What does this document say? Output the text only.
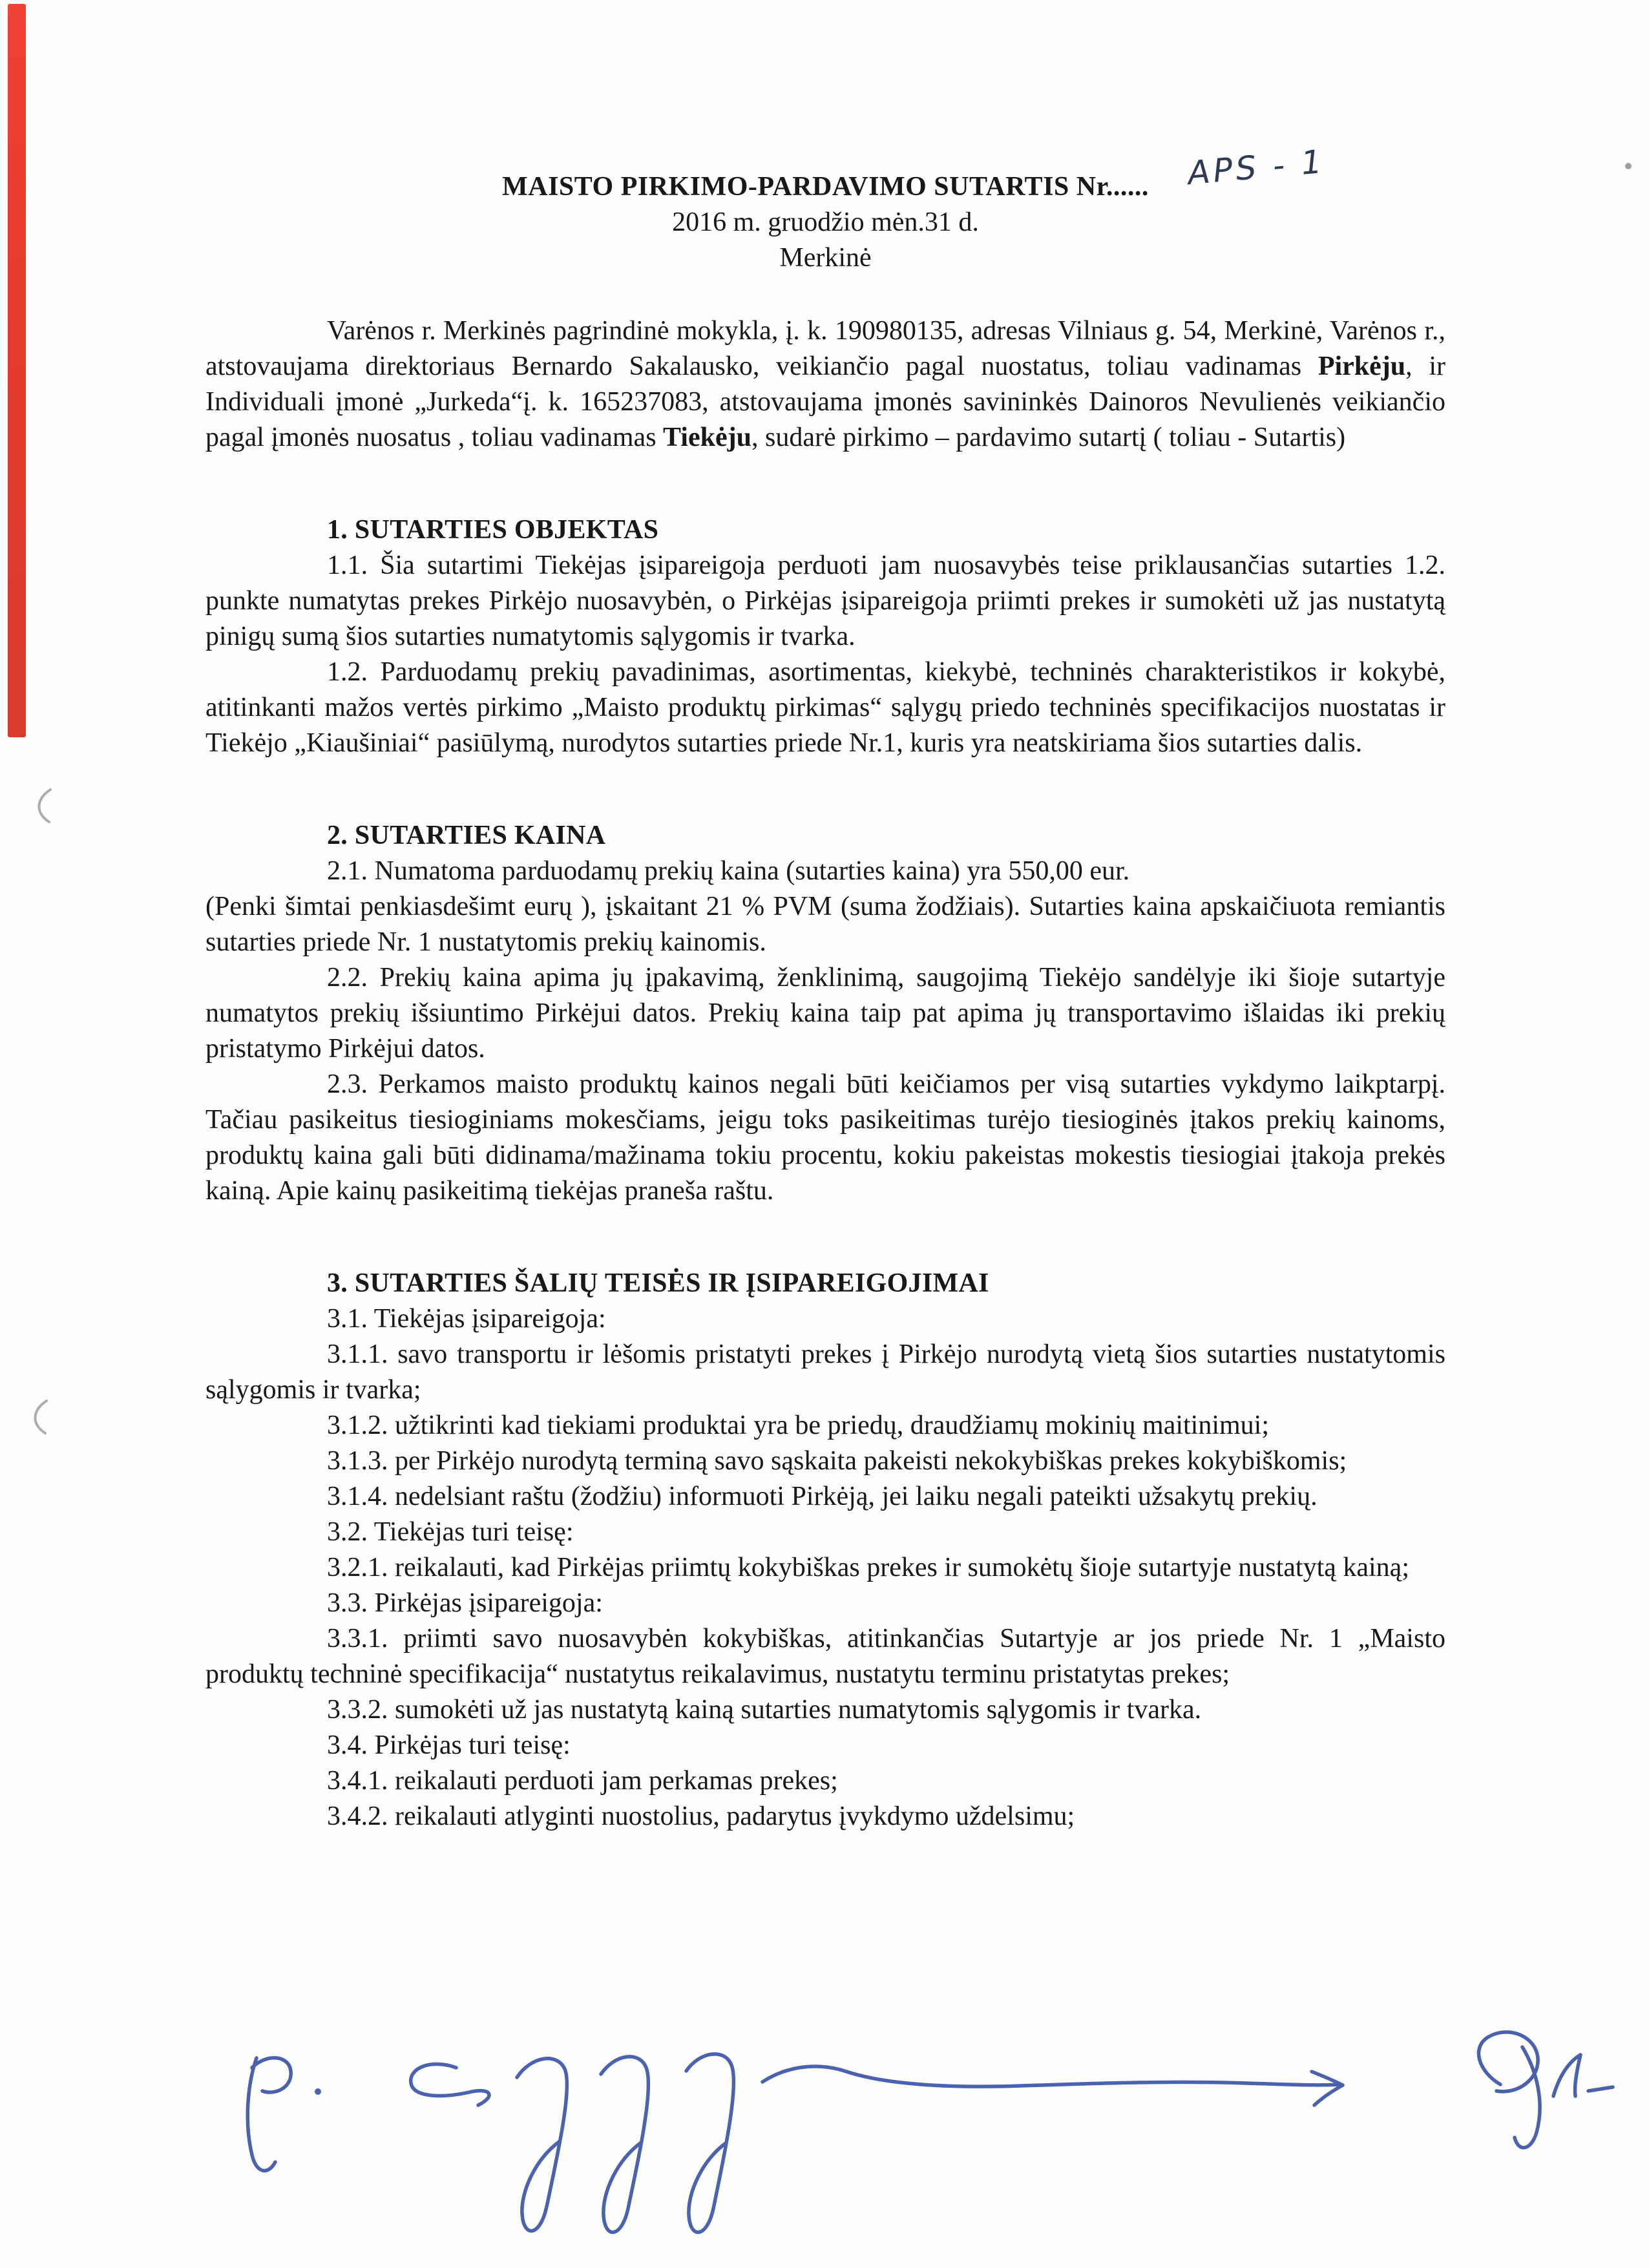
MAISTO PIRKIMO-PARDAVIMO SUTARTIS Nr......	APS - 1
2016 m. gruodžio mėn.31 d.
Merkinė

Varėnos r. Merkinės pagrindinė mokykla, į. k. 190980135, adresas Vilniaus g. 54, Merkinė, Varėnos r., atstovaujama direktoriaus Bernardo Sakalausko, veikiančio pagal nuostatus, toliau vadinamas Pirkėju, ir Individuali įmonė „Jurkeda“į. k. 165237083, atstovaujama įmonės savininkės Dainoros Nevulienės veikiančio pagal įmonės nuosatus , toliau vadinamas Tiekėju, sudarė pirkimo – pardavimo sutartį ( toliau - Sutartis)

1. SUTARTIES OBJEKTAS

1.1. Šia sutartimi Tiekėjas įsipareigoja perduoti jam nuosavybės teise priklausančias sutarties 1.2. punkte numatytas prekes Pirkėjo nuosavybėn, o Pirkėjas įsipareigoja priimti prekes ir sumokėti už jas nustatytą pinigų sumą šios sutarties numatytomis sąlygomis ir tvarka.

1.2. Parduodamų prekių pavadinimas, asortimentas, kiekybė, techninės charakteristikos ir kokybė, atitinkanti mažos vertės pirkimo „Maisto produktų pirkimas“ sąlygų priedo techninės specifikacijos nuostatas ir Tiekėjo „Kiaušiniai“ pasiūlymą, nurodytos sutarties priede Nr.1, kuris yra neatskiriama šios sutarties dalis.

2. SUTARTIES KAINA

2.1. Numatoma parduodamų prekių kaina (sutarties kaina) yra 550,00 eur.

(Penki šimtai penkiasdešimt eurų ), įskaitant 21 % PVM (suma žodžiais). Sutarties kaina apskaičiuota remiantis sutarties priede Nr. 1 nustatytomis prekių kainomis.

2.2. Prekių kaina apima jų įpakavimą, ženklinimą, saugojimą Tiekėjo sandėlyje iki šioje sutartyje numatytos prekių išsiuntimo Pirkėjui datos. Prekių kaina taip pat apima jų transportavimo išlaidas iki prekių pristatymo Pirkėjui datos.

2.3. Perkamos maisto produktų kainos negali būti keičiamos per visą sutarties vykdymo laikptarpį. Tačiau pasikeitus tiesioginiams mokesčiams, jeigu toks pasikeitimas turėjo tiesioginės įtakos prekių kainoms, produktų kaina gali būti didinama/mažinama tokiu procentu, kokiu pakeistas mokestis tiesiogiai įtakoja prekės kainą. Apie kainų pasikeitimą tiekėjas praneša raštu.

3. SUTARTIES ŠALIŲ TEISĖS IR ĮSIPAREIGOJIMAI

3.1. Tiekėjas įsipareigoja:

3.1.1. savo transportu ir lėšomis pristatyti prekes į Pirkėjo nurodytą vietą šios sutarties nustatytomis sąlygomis ir tvarka;

3.1.2. užtikrinti kad tiekiami produktai yra be priedų, draudžiamų mokinių maitinimui;

3.1.3. per Pirkėjo nurodytą terminą savo sąskaita pakeisti nekokybiškas prekes kokybiškomis;

3.1.4. nedelsiant raštu (žodžiu) informuoti Pirkėją, jei laiku negali pateikti užsakytų prekių.

3.2. Tiekėjas turi teisę:

3.2.1. reikalauti, kad Pirkėjas priimtų kokybiškas prekes ir sumokėtų šioje sutartyje nustatytą kainą;

3.3. Pirkėjas įsipareigoja:

3.3.1. priimti savo nuosavybėn kokybiškas, atitinkančias Sutartyje ar jos priede Nr. 1 „Maisto produktų techninė specifikacija“ nustatytus reikalavimus, nustatytu terminu pristatytas prekes;

3.3.2. sumokėti už jas nustatytą kainą sutarties numatytomis sąlygomis ir tvarka.

3.4. Pirkėjas turi teisę:

3.4.1. reikalauti perduoti jam perkamas prekes;

3.4.2. reikalauti atlyginti nuostolius, padarytus įvykdymo uždelsimu;
